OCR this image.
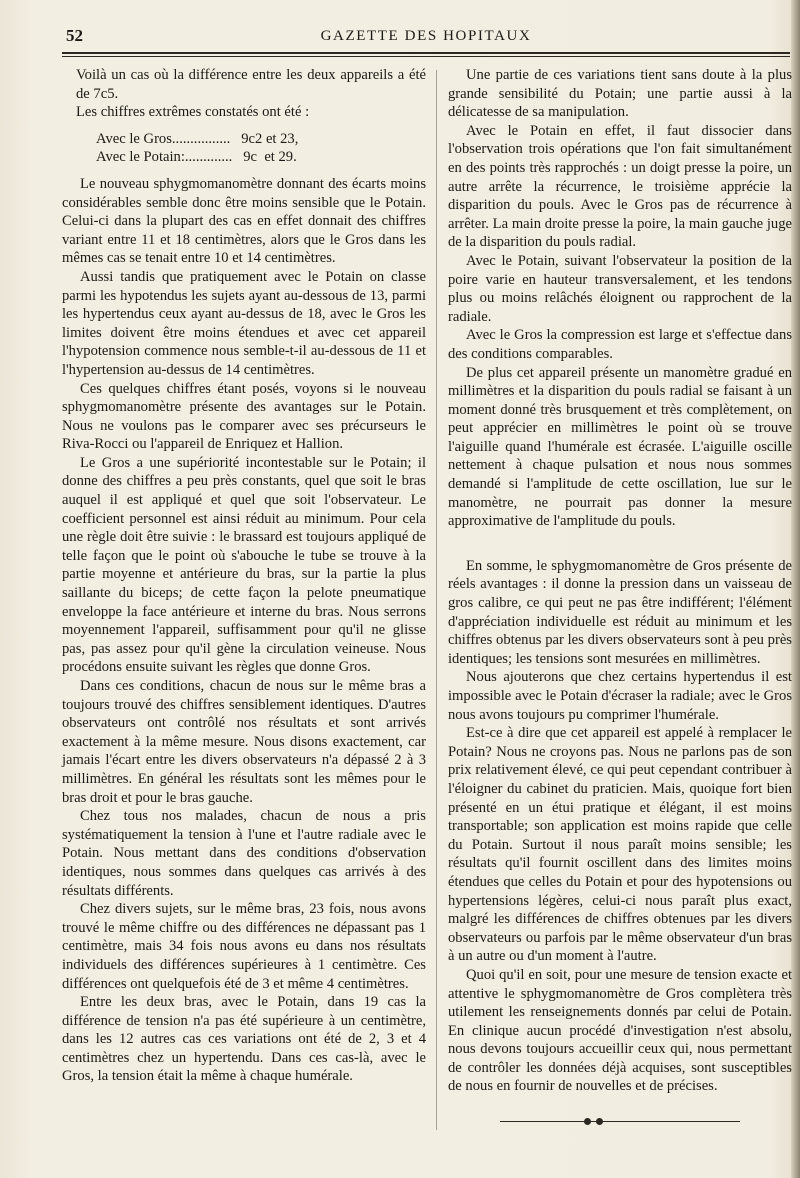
52	GAZETTE DES HOPITAUX

Voilà un cas où la différence entre les deux appareils a été de 7c5.

Les chiffres extrêmes constatés ont été :

Avec le Gros................   9c2 et 23,

Avec le Potain:.............   9c  et 29.

Le nouveau sphygmomanomètre donnant des écarts moins considérables semble donc être moins sensible que le Potain. Celui-ci dans la plupart des cas en effet donnait des chiffres variant entre 11 et 18 centimètres, alors que le Gros dans les mêmes cas se tenait entre 10 et 14 centimètres.

Aussi tandis que pratiquement avec le Potain on classe parmi les hypotendus les sujets ayant au-dessous de 13, parmi les hypertendus ceux ayant au-dessus de 18, avec le Gros les limites doivent être moins étendues et avec cet appareil l'hypotension commence nous semble-t-il au-dessous de 11 et l'hypertension au-dessus de 14 centimètres.

Ces quelques chiffres étant posés, voyons si le nouveau sphygmomanomètre présente des avantages sur le Potain. Nous ne voulons pas le comparer avec ses précurseurs le Riva-Rocci ou l'appareil de Enriquez et Hallion.

Le Gros a une supériorité incontestable sur le Potain; il donne des chiffres a peu près constants, quel que soit le bras auquel il est appliqué et quel que soit l'observateur. Le coefficient personnel est ainsi réduit au minimum. Pour cela une règle doit être suivie : le brassard est toujours appliqué de telle façon que le point où s'abouche le tube se trouve à la partie moyenne et antérieure du bras, sur la partie la plus saillante du biceps; de cette façon la pelote pneumatique enveloppe la face antérieure et interne du bras. Nous serrons moyennement l'appareil, suffisamment pour qu'il ne glisse pas, pas assez pour qu'il gène la circulation veineuse. Nous procédons ensuite suivant les règles que donne Gros.

Dans ces conditions, chacun de nous sur le même bras a toujours trouvé des chiffres sensiblement identiques. D'autres observateurs ont contrôlé nos résultats et sont arrivés exactement à la même mesure. Nous disons exactement, car jamais l'écart entre les divers observateurs n'a dépassé 2 à 3 millimètres. En général les résultats sont les mêmes pour le bras droit et pour le bras gauche.

Chez tous nos malades, chacun de nous a pris systématiquement la tension à l'une et l'autre radiale avec le Potain. Nous mettant dans des conditions d'observation identiques, nous sommes dans quelques cas arrivés à des résultats différents.

Chez divers sujets, sur le même bras, 23 fois, nous avons trouvé le même chiffre ou des différences ne dépassant pas 1 centimètre, mais 34 fois nous avons eu dans nos résultats individuels des différences supérieures à 1 centimètre. Ces différences ont quelquefois été de 3 et même 4 centimètres.

Entre les deux bras, avec le Potain, dans 19 cas la différence de tension n'a pas été supérieure à un centimètre, dans les 12 autres cas ces variations ont été de 2, 3 et 4 centimètres chez un hypertendu. Dans ces cas-là, avec le Gros, la tension était la même à chaque humérale.

Une partie de ces variations tient sans doute à la plus grande sensibilité du Potain; une partie aussi à la délicatesse de sa manipulation.

Avec le Potain en effet, il faut dissocier dans l'observation trois opérations que l'on fait simultanément en des points très rapprochés : un doigt presse la poire, un autre arrête la récurrence, le troisième apprécie la disparition du pouls. Avec le Gros pas de récurrence à arrêter. La main droite presse la poire, la main gauche juge de la disparition du pouls radial.

Avec le Potain, suivant l'observateur la position de la poire varie en hauteur transversalement, et les tendons plus ou moins relâchés éloignent ou rapprochent de la radiale.

Avec le Gros la compression est large et s'effectue dans des conditions comparables.

De plus cet appareil présente un manomètre gradué en millimètres et la disparition du pouls radial se faisant à un moment donné très brusquement et très complètement, on peut apprécier en millimètres le point où se trouve l'aiguille quand l'humérale est écrasée. L'aiguille oscille nettement à chaque pulsation et nous nous sommes demandé si l'amplitude de cette oscillation, lue sur le manomètre, ne pourrait pas donner la mesure approximative de l'amplitude du pouls.

En somme, le sphygmomanomètre de Gros présente de réels avantages : il donne la pression dans un vaisseau de gros calibre, ce qui peut ne pas être indifférent; l'élément d'appréciation individuelle est réduit au minimum et les chiffres obtenus par les divers observateurs sont à peu près identiques; les tensions sont mesurées en millimètres.

Nous ajouterons que chez certains hypertendus il est impossible avec le Potain d'écraser la radiale; avec le Gros nous avons toujours pu comprimer l'humérale.

Est-ce à dire que cet appareil est appelé à remplacer le Potain? Nous ne croyons pas. Nous ne parlons pas de son prix relativement élevé, ce qui peut cependant contribuer à l'éloigner du cabinet du praticien. Mais, quoique fort bien présenté en un étui pratique et élégant, il est moins transportable; son application est moins rapide que celle du Potain. Surtout il nous paraît moins sensible; les résultats qu'il fournit oscillent dans des limites moins étendues que celles du Potain et pour des hypotensions ou hypertensions légères, celui-ci nous paraît plus exact, malgré les différences de chiffres obtenues par les divers observateurs ou parfois par le même observateur d'un bras à un autre ou d'un moment à l'autre.

Quoi qu'il en soit, pour une mesure de tension exacte et attentive le sphygmomanomètre de Gros complètera très utilement les renseignements donnés par celui de Potain. En clinique aucun procédé d'investigation n'est absolu, nous devons toujours accueillir ceux qui, nous permettant de contrôler les données déjà acquises, sont susceptibles de nous en fournir de nouvelles et de précises.
